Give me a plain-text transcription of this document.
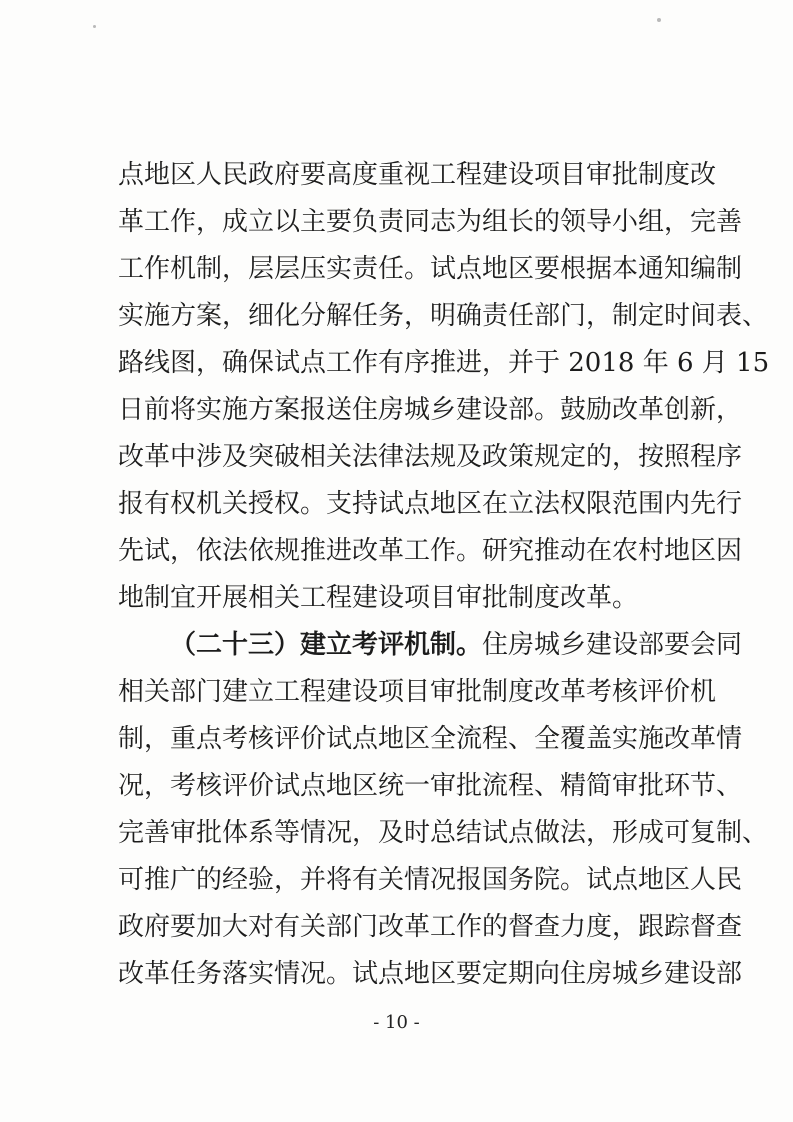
点地区人民政府要高度重视工程建设项目审批制度改
革工作，成立以主要负责同志为组长的领导小组，完善
工作机制，层层压实责任。试点地区要根据本通知编制
实施方案，细化分解任务，明确责任部门，制定时间表、
路线图，确保试点工作有序推进，并于 2018 年 6 月 15
日前将实施方案报送住房城乡建设部。鼓励改革创新，
改革中涉及突破相关法律法规及政策规定的，按照程序
报有权机关授权。支持试点地区在立法权限范围内先行
先试，依法依规推进改革工作。研究推动在农村地区因
地制宜开展相关工程建设项目审批制度改革。
（二十三）建立考评机制。住房城乡建设部要会同
相关部门建立工程建设项目审批制度改革考核评价机
制，重点考核评价试点地区全流程、全覆盖实施改革情
况，考核评价试点地区统一审批流程、精简审批环节、
完善审批体系等情况，及时总结试点做法，形成可复制、
可推广的经验，并将有关情况报国务院。试点地区人民
政府要加大对有关部门改革工作的督查力度，跟踪督查
改革任务落实情况。试点地区要定期向住房城乡建设部
- 10 -
